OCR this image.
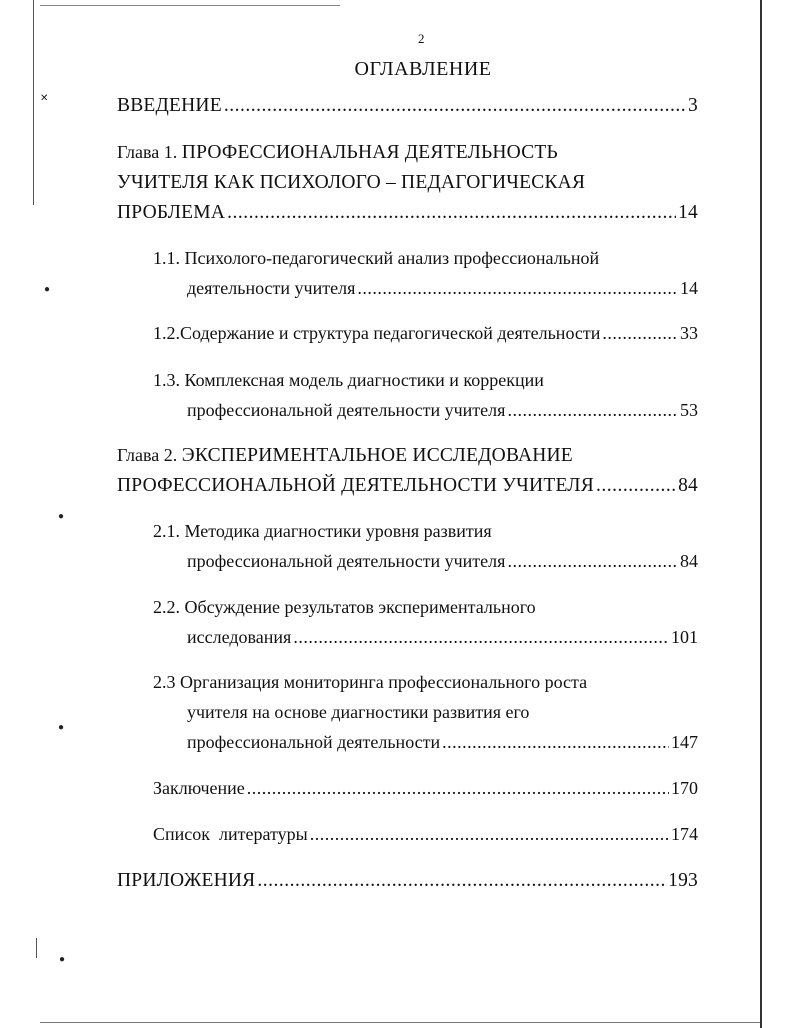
✕
●
●
●
●
2
ОГЛАВЛЕНИЕ
ВВЕДЕНИЕ .....	3
Глава 1. ПРОФЕССИОНАЛЬНАЯ ДЕЯТЕЛЬНОСТЬ
УЧИТЕЛЯ КАК ПСИХОЛОГО – ПЕДАГОГИЧЕСКАЯ
ПРОБЛЕМА .....	14
1.1. Психолого-педагогический анализ профессиональной
деятельности учителя .....	14
1.2.Содержание и структура педагогической деятельности .....	33
1.3. Комплексная модель диагностики и коррекции
профессиональной деятельности учителя .....	53
Глава 2. ЭКСПЕРИМЕНТАЛЬНОЕ ИССЛЕДОВАНИЕ
ПРОФЕССИОНАЛЬНОЙ ДЕЯТЕЛЬНОСТИ УЧИТЕЛЯ .....	84
2.1. Методика диагностики уровня развития
профессиональной деятельности учителя .....	84
2.2. Обсуждение результатов экспериментального
исследования .....	101
2.3 Организация мониторинга профессионального роста
учителя на основе диагностики развития его
профессиональной деятельности .....	147
Заключение .....	170
Список  литературы .....	174
ПРИЛОЖЕНИЯ .....	193
